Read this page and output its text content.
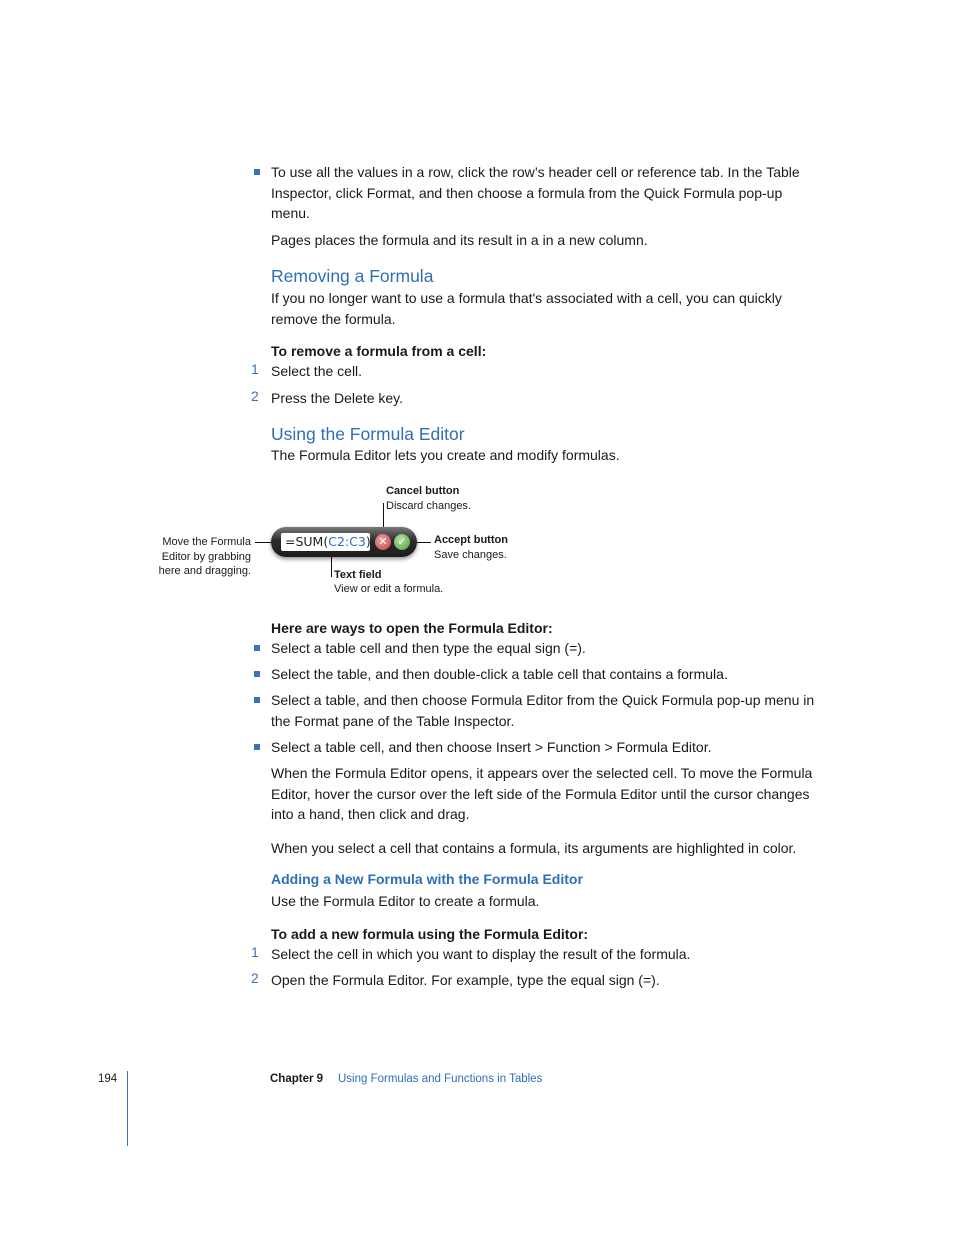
To use all the values in a row, click the row’s header cell or reference tab. In the Table Inspector, click Format, and then choose a formula from the Quick Formula pop-up menu.
Pages places the formula and its result in a in a new column.
Removing a Formula
If you no longer want to use a formula that's associated with a cell, you can quickly remove the formula.
To remove a formula from a cell:
1 Select the cell.
2 Press the Delete key.
Using the Formula Editor
The Formula Editor lets you create and modify formulas.
Cancel button
Discard changes.
Accept button
Save changes.
Text field
View or edit a formula.
Move the Formula
Editor by grabbing
here and dragging.
=SUM(C2:C3) ✕ ✓
Here are ways to open the Formula Editor:
Select a table cell and then type the equal sign (=).
Select the table, and then double-click a table cell that contains a formula.
Select a table, and then choose Formula Editor from the Quick Formula pop-up menu in the Format pane of the Table Inspector.
Select a table cell, and then choose Insert > Function > Formula Editor.
When the Formula Editor opens, it appears over the selected cell. To move the Formula Editor, hover the cursor over the left side of the Formula Editor until the cursor changes into a hand, then click and drag.
When you select a cell that contains a formula, its arguments are highlighted in color.
Adding a New Formula with the Formula Editor
Use the Formula Editor to create a formula.
To add a new formula using the Formula Editor:
1 Select the cell in which you want to display the result of the formula.
2 Open the Formula Editor. For example, type the equal sign (=).
194	Chapter 9 Using Formulas and Functions in Tables
